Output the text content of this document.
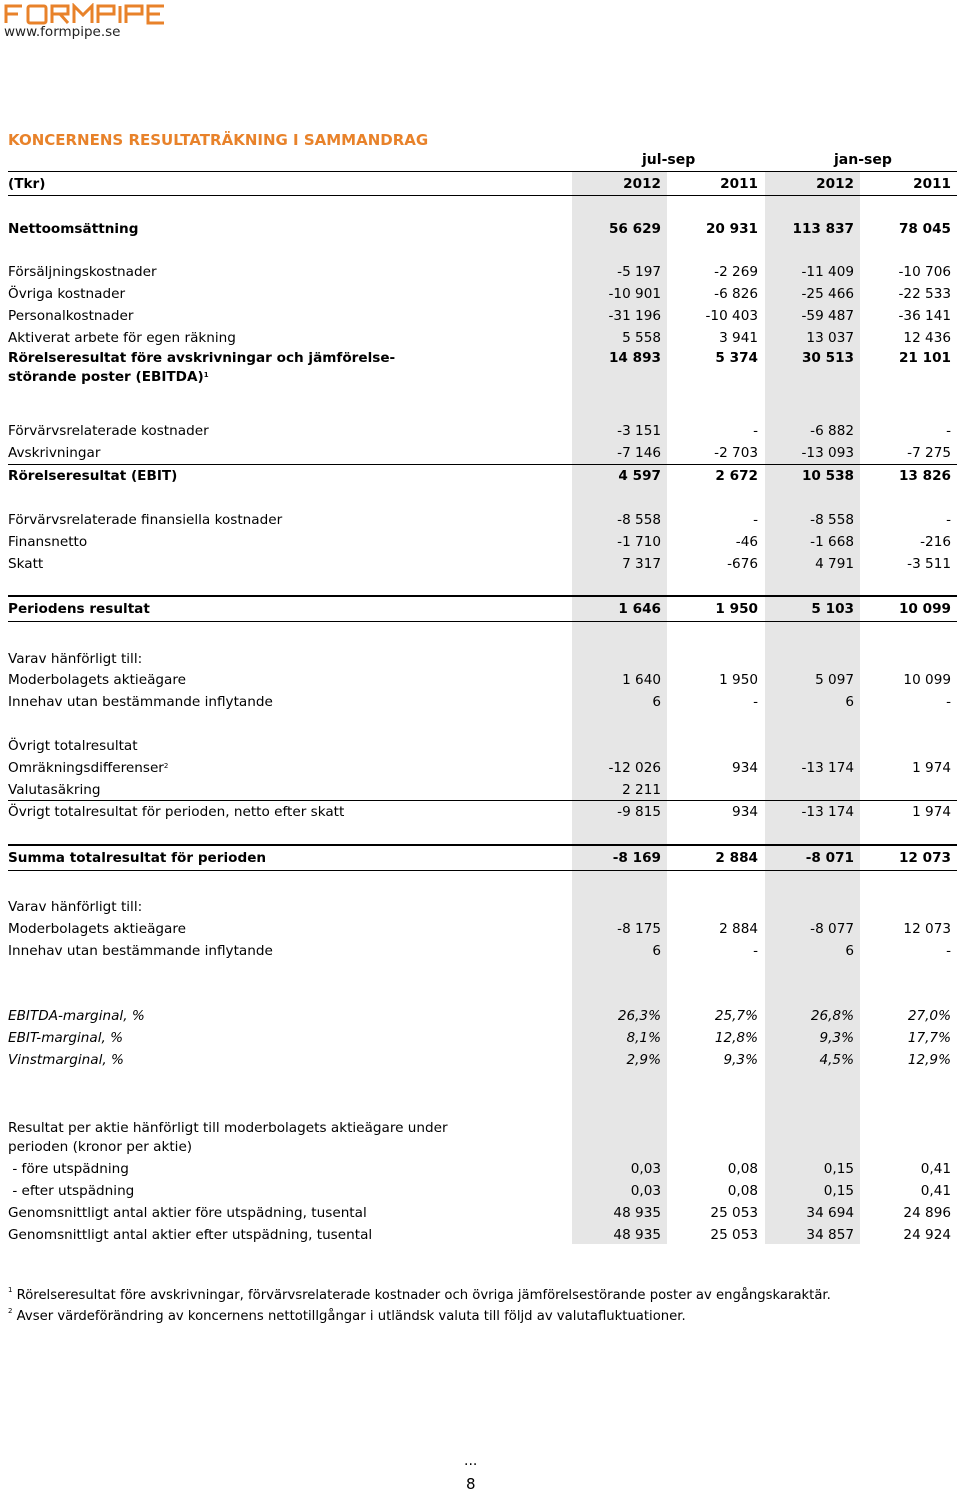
www.formpipe.se
KONCERNENS RESULTATRÄKNING I SAMMANDRAG
jul-sep	jan-sep
(Tkr)	2012	2011	2012	2011
Nettoomsättning	56 629	20 931	113 837	78 045
Försäljningskostnader	-5 197	-2 269	-11 409	-10 706
Övriga kostnader	-10 901	-6 826	-25 466	-22 533
Personalkostnader	-31 196	-10 403	-59 487	-36 141
Aktiverat arbete för egen räkning	5 558	3 941	13 037	12 436
Rörelseresultat före avskrivningar och jämförelse-	14 893	5 374	30 513	21 101
störande poster (EBITDA)$^1$
Förvärvsrelaterade kostnader	-3 151	-	-6 882	-
Avskrivningar	-7 146	-2 703	-13 093	-7 275
Rörelseresultat (EBIT)	4 597	2 672	10 538	13 826
Förvärvsrelaterade finansiella kostnader	-8 558	-	-8 558	-
Finansnetto	-1 710	-46	-1 668	-216
Skatt	7 317	-676	4 791	-3 511
Periodens resultat	1 646	1 950	5 103	10 099
Varav hänförligt till:
Moderbolagets aktieägare	1 640	1 950	5 097	10 099
Innehav utan bestämmande inflytande	6	-	6	-
Övrigt totalresultat
Omräkningsdifferenser$^2$	-12 026	934	-13 174	1 974
Valutasäkring	2 211
Övrigt totalresultat för perioden, netto efter skatt	-9 815	934	-13 174	1 974
Summa totalresultat för perioden	-8 169	2 884	-8 071	12 073
Varav hänförligt till:
Moderbolagets aktieägare	-8 175	2 884	-8 077	12 073
Innehav utan bestämmande inflytande	6	-	6	-
EBITDA-marginal, %	26,3%	25,7%	26,8%	27,0%
EBIT-marginal, %	8,1%	12,8%	9,3%	17,7%
Vinstmarginal, %	2,9%	9,3%	4,5%	12,9%
Resultat per aktie hänförligt till moderbolagets aktieägare under
perioden (kronor per aktie)
- före utspädning	0,03	0,08	0,15	0,41
- efter utspädning	0,03	0,08	0,15	0,41
Genomsnittligt antal aktier före utspädning, tusental	48 935	25 053	34 694	24 896
Genomsnittligt antal aktier efter utspädning, tusental	48 935	25 053	34 857	24 924
$^1$ Rörelseresultat före avskrivningar, förvärvsrelaterade kostnader och övriga jämförelsestörande poster av engångskaraktär.
$^2$ Avser värdeförändring av koncernens nettotillgångar i utländsk valuta till följd av valutafluktuationer.
...
8
